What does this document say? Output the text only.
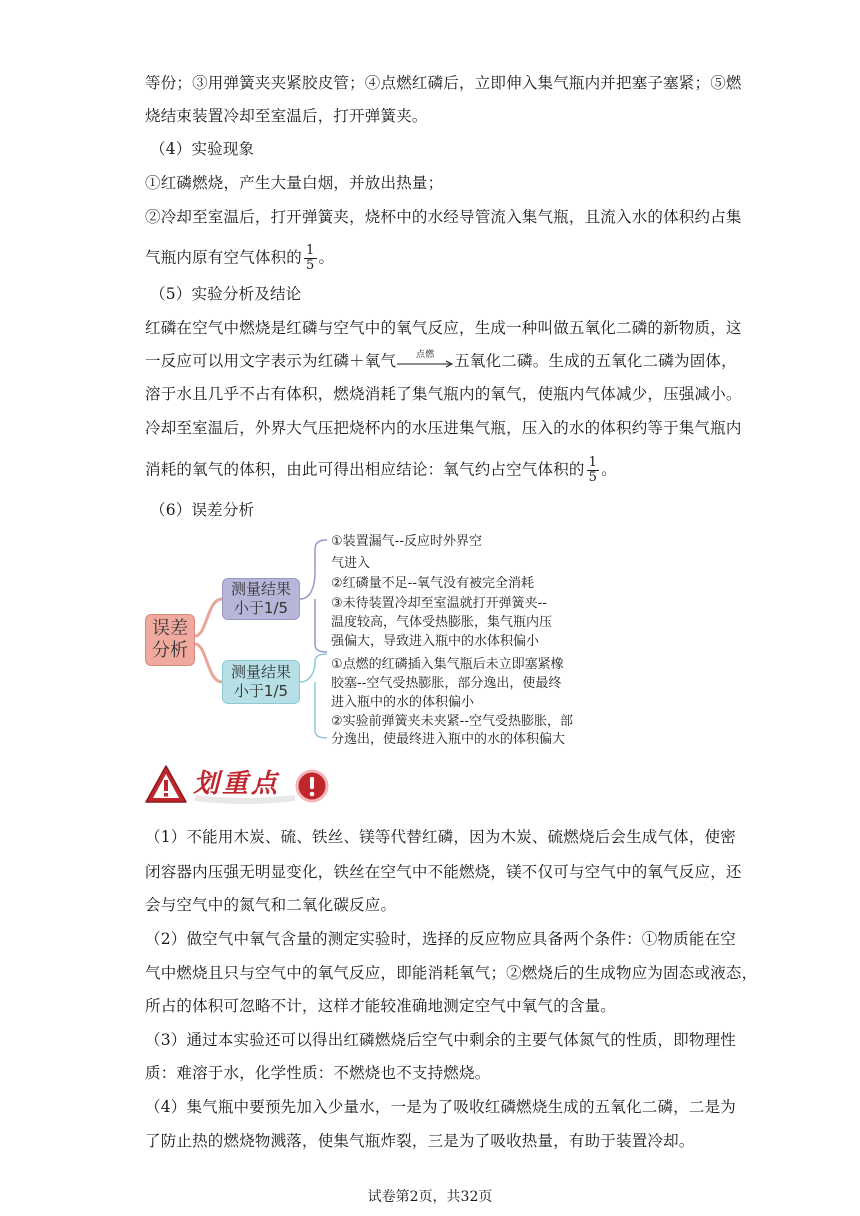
等份；③用弹簧夹夹紧胶皮管；④点燃红磷后，立即伸入集气瓶内并把塞子塞紧；⑤燃
烧结束装置冷却至室温后，打开弹簧夹。
（4）实验现象
①红磷燃烧，产生大量白烟，并放出热量；
②冷却至室温后，打开弹簧夹，烧杯中的水经导管流入集气瓶，且流入水的体积约占集
气瓶内原有空气体积的 $\frac{1}{5}$ 。
（5）实验分析及结论
红磷在空气中燃烧是红磷与空气中的氧气反应，生成一种叫做五氧化二磷的新物质，这
一反应可以用文字表示为红磷＋氧气	点燃	五氧化二磷。生成的五氧化二磷为固体，
溶于水且几乎不占有体积，燃烧消耗了集气瓶内的氧气，使瓶内气体减少，压强减小。
冷却至室温后，外界大气压把烧杯内的水压进集气瓶，压入的水的体积约等于集气瓶内
消耗的氧气的体积，由此可得出相应结论：氧气约占空气体积的 $\frac{1}{5}$ 。
（6）误差分析
误差分析
测量结果小于1/5
测量结果小于1/5
①装置漏气--反应时外界空
气进入
②红磷量不足--氧气没有被完全消耗
③未待装置冷却至室温就打开弹簧夹--
温度较高，气体受热膨胀，集气瓶内压
强偏大，导致进入瓶中的水体积偏小
①点燃的红磷插入集气瓶后未立即塞紧橡
胶塞--空气受热膨胀，部分逸出，使最终
进入瓶中的水的体积偏小
②实验前弹簧夹未夹紧--空气受热膨胀，部
分逸出，使最终进入瓶中的水的体积偏大
划重点
（1）不能用木炭、硫、铁丝、镁等代替红磷，因为木炭、硫燃烧后会生成气体，使密
闭容器内压强无明显变化，铁丝在空气中不能燃烧，镁不仅可与空气中的氧气反应，还
会与空气中的氮气和二氧化碳反应。
（2）做空气中氧气含量的测定实验时，选择的反应物应具备两个条件：①物质能在空
气中燃烧且只与空气中的氧气反应，即能消耗氧气；②燃烧后的生成物应为固态或液态，
所占的体积可忽略不计，这样才能较准确地测定空气中氧气的含量。
（3）通过本实验还可以得出红磷燃烧后空气中剩余的主要气体氮气的性质，即物理性
质：难溶于水，化学性质：不燃烧也不支持燃烧。
（4）集气瓶中要预先加入少量水，一是为了吸收红磷燃烧生成的五氧化二磷，二是为
了防止热的燃烧物溅落，使集气瓶炸裂，三是为了吸收热量，有助于装置冷却。
试卷第2页，共32页
